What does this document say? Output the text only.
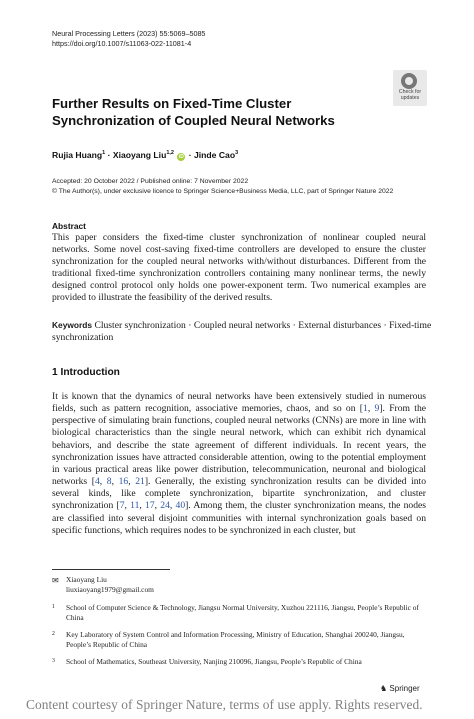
Neural Processing Letters (2023) 55:5069–5085
https://doi.org/10.1007/s11063-022-11081-4
Check for
updates
Further Results on Fixed-Time Cluster Synchronization of Coupled Neural Networks
Rujia Huang$^1$ · Xiaoyang Liu$^{1,2}$ iD · Jinde Cao$^3$
Accepted: 20 October 2022 / Published online: 7 November 2022
© The Author(s), under exclusive licence to Springer Science+Business Media, LLC, part of Springer Nature 2022
Abstract
This paper considers the fixed-time cluster synchronization of nonlinear coupled neural networks. Some novel cost-saving fixed-time controllers are developed to ensure the cluster synchronization for the coupled neural networks with/without disturbances. Different from the traditional fixed-time synchronization controllers containing many nonlinear terms, the newly designed control protocol only holds one power-exponent term. Two numerical examples are provided to illustrate the feasibility of the derived results.
Keywords Cluster synchronization · Coupled neural networks · External disturbances · Fixed-time synchronization
1 Introduction
It is known that the dynamics of neural networks have been extensively studied in numerous fields, such as pattern recognition, associative memories, chaos, and so on [1, 9]. From the perspective of simulating brain functions, coupled neural networks (CNNs) are more in line with biological characteristics than the single neural network, which can exhibit rich dynamical behaviors, and describe the state agreement of different individuals. In recent years, the synchronization issues have attracted considerable attention, owing to the potential employment in various practical areas like power distribution, telecommunication, neuronal and biological networks [4, 8, 16, 21]. Generally, the existing synchronization results can be divided into several kinds, like complete synchronization, bipartite synchronization, and cluster synchronization [7, 11, 17, 24, 40]. Among them, the cluster synchronization means, the nodes are classified into several disjoint communities with internal synchronization goals based on specific functions, which requires nodes to be synchronized in each cluster, but
✉ Xiaoyang Liu
liuxiaoyang1979@gmail.com
1 School of Computer Science & Technology, Jiangsu Normal University, Xuzhou 221116, Jiangsu, People’s Republic of China
2 Key Laboratory of System Control and Information Processing, Ministry of Education, Shanghai 200240, Jiangsu, People’s Republic of China
3 School of Mathematics, Southeast University, Nanjing 210096, Jiangsu, People’s Republic of China
♞ Springer
Content courtesy of Springer Nature, terms of use apply. Rights reserved.
